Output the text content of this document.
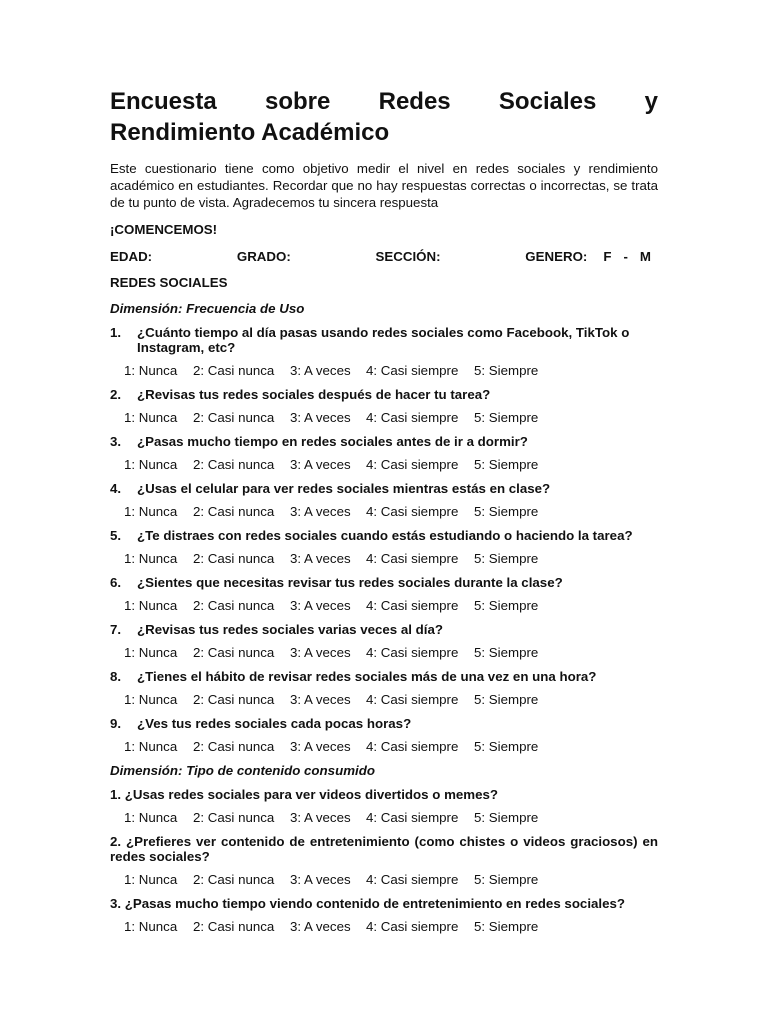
Encuesta sobre Redes Sociales y
Rendimiento Académico

Este cuestionario tiene como objetivo medir el nivel en redes sociales y rendimiento académico en estudiantes. Recordar que no hay respuestas correctas o incorrectas, se trata de tu punto de vista. Agradecemos tu sincera respuesta

¡COMENCEMOS!
EDAD:	GRADO:	SECCIÓN:	GENERO: F - M
REDES SOCIALES
Dimensión: Frecuencia de Uso
1.	¿Cuánto tiempo al día pasas usando redes sociales como Facebook, TikTok o Instagram, etc?
1: Nunca	2: Casi nunca	3: A veces	4: Casi siempre	5: Siempre
2.	¿Revisas tus redes sociales después de hacer tu tarea?
1: Nunca	2: Casi nunca	3: A veces	4: Casi siempre	5: Siempre
3.	¿Pasas mucho tiempo en redes sociales antes de ir a dormir?
1: Nunca	2: Casi nunca	3: A veces	4: Casi siempre	5: Siempre
4.	¿Usas el celular para ver redes sociales mientras estás en clase?
1: Nunca	2: Casi nunca	3: A veces	4: Casi siempre	5: Siempre
5.	¿Te distraes con redes sociales cuando estás estudiando o haciendo la tarea?
1: Nunca	2: Casi nunca	3: A veces	4: Casi siempre	5: Siempre
6.	¿Sientes que necesitas revisar tus redes sociales durante la clase?
1: Nunca	2: Casi nunca	3: A veces	4: Casi siempre	5: Siempre
7.	¿Revisas tus redes sociales varias veces al día?
1: Nunca	2: Casi nunca	3: A veces	4: Casi siempre	5: Siempre
8.	¿Tienes el hábito de revisar redes sociales más de una vez en una hora?
1: Nunca	2: Casi nunca	3: A veces	4: Casi siempre	5: Siempre
9.	¿Ves tus redes sociales cada pocas horas?
1: Nunca	2: Casi nunca	3: A veces	4: Casi siempre	5: Siempre
Dimensión: Tipo de contenido consumido
1. ¿Usas redes sociales para ver videos divertidos o memes?
1: Nunca	2: Casi nunca	3: A veces	4: Casi siempre	5: Siempre
2. ¿Prefieres ver contenido de entretenimiento (como chistes o videos graciosos) en redes sociales?
1: Nunca	2: Casi nunca	3: A veces	4: Casi siempre	5: Siempre
3. ¿Pasas mucho tiempo viendo contenido de entretenimiento en redes sociales?
1: Nunca	2: Casi nunca	3: A veces	4: Casi siempre	5: Siempre
